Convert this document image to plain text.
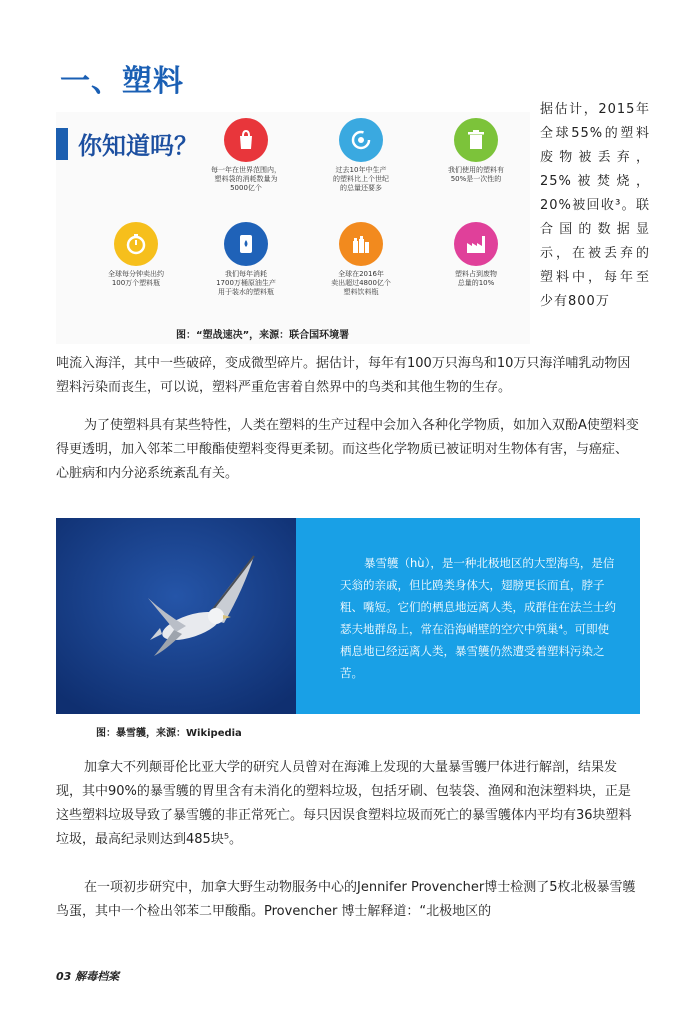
一、塑料
你知道吗？
每一年在世界范围内，
塑料袋的消耗数量为
5000亿个
过去10年中生产
的塑料比上个世纪
的总量还要多
我们使用的塑料有
50%是一次性的
全球每分钟卖出约
100万个塑料瓶
我们每年消耗
1700万桶原油生产
用于装水的塑料瓶
全球在2016年
卖出超过4800亿个
塑料饮料瓶
塑料占到废物
总量的10%
图：“塑战速决”，来源：联合国环境署

据估计，2015年全球55%的塑料废物被丢弃，25%被焚烧，20%被回收³。联合国的数据显示，在被丢弃的塑料中，每年至少有800万

吨流入海洋，其中一些破碎，变成微型碎片。据估计，每年有100万只海鸟和10万只海洋哺乳动物因塑料污染而丧生，可以说，塑料严重危害着自然界中的鸟类和其他生物的生存。

为了使塑料具有某些特性，人类在塑料的生产过程中会加入各种化学物质，如加入双酚A使塑料变得更透明，加入邻苯二甲酸酯使塑料变得更柔韧。而这些化学物质已被证明对生物体有害，与癌症、心脏病和内分泌系统紊乱有关。

暴雪鹱（hù），是一种北极地区的大型海鸟，是信天翁的亲戚，但比鸥类身体大，翅膀更长而直，脖子粗、嘴短。它们的栖息地远离人类，成群住在法兰士约瑟夫地群岛上，常在沿海峭壁的空穴中筑巢⁴。可即使栖息地已经远离人类，暴雪鹱仍然遭受着塑料污染之苦。
图：暴雪鹱，来源：Wikipedia

加拿大不列颠哥伦比亚大学的研究人员曾对在海滩上发现的大量暴雪鹱尸体进行解剖，结果发现，其中90%的暴雪鹱的胃里含有未消化的塑料垃圾，包括牙刷、包装袋、渔网和泡沫塑料块，正是这些塑料垃圾导致了暴雪鹱的非正常死亡。每只因误食塑料垃圾而死亡的暴雪鹱体内平均有36块塑料垃圾，最高纪录则达到485块⁵。

在一项初步研究中，加拿大野生动物服务中心的Jennifer Provencher博士检测了5枚北极暴雪鹱鸟蛋，其中一个检出邻苯二甲酸酯。Provencher 博士解释道：“北极地区的

03 解毒档案
